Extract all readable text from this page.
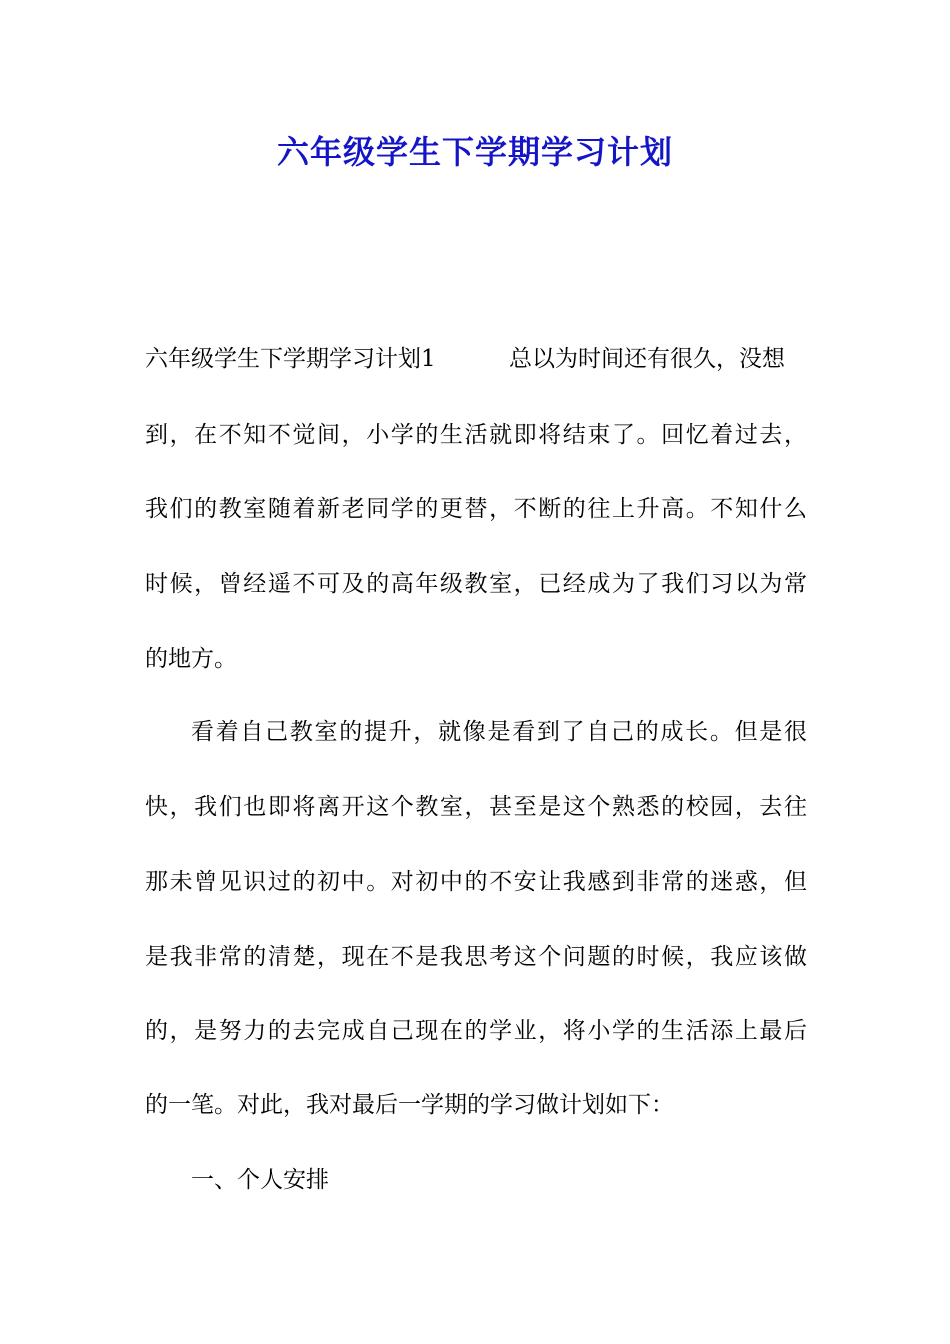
六年级学生下学期学习计划
六年级学生下学期学习计划1	总以为时间还有很久，没想
到，在不知不觉间，小学的生活就即将结束了。回忆着过去，
我们的教室随着新老同学的更替，不断的往上升高。不知什么
时候，曾经遥不可及的高年级教室，已经成为了我们习以为常
的地方。
看着自己教室的提升，就像是看到了自己的成长。但是很
快，我们也即将离开这个教室，甚至是这个熟悉的校园，去往
那未曾见识过的初中。对初中的不安让我感到非常的迷惑，但
是我非常的清楚，现在不是我思考这个问题的时候，我应该做
的，是努力的去完成自己现在的学业，将小学的生活添上最后
的一笔。对此，我对最后一学期的学习做计划如下：
一、个人安排
